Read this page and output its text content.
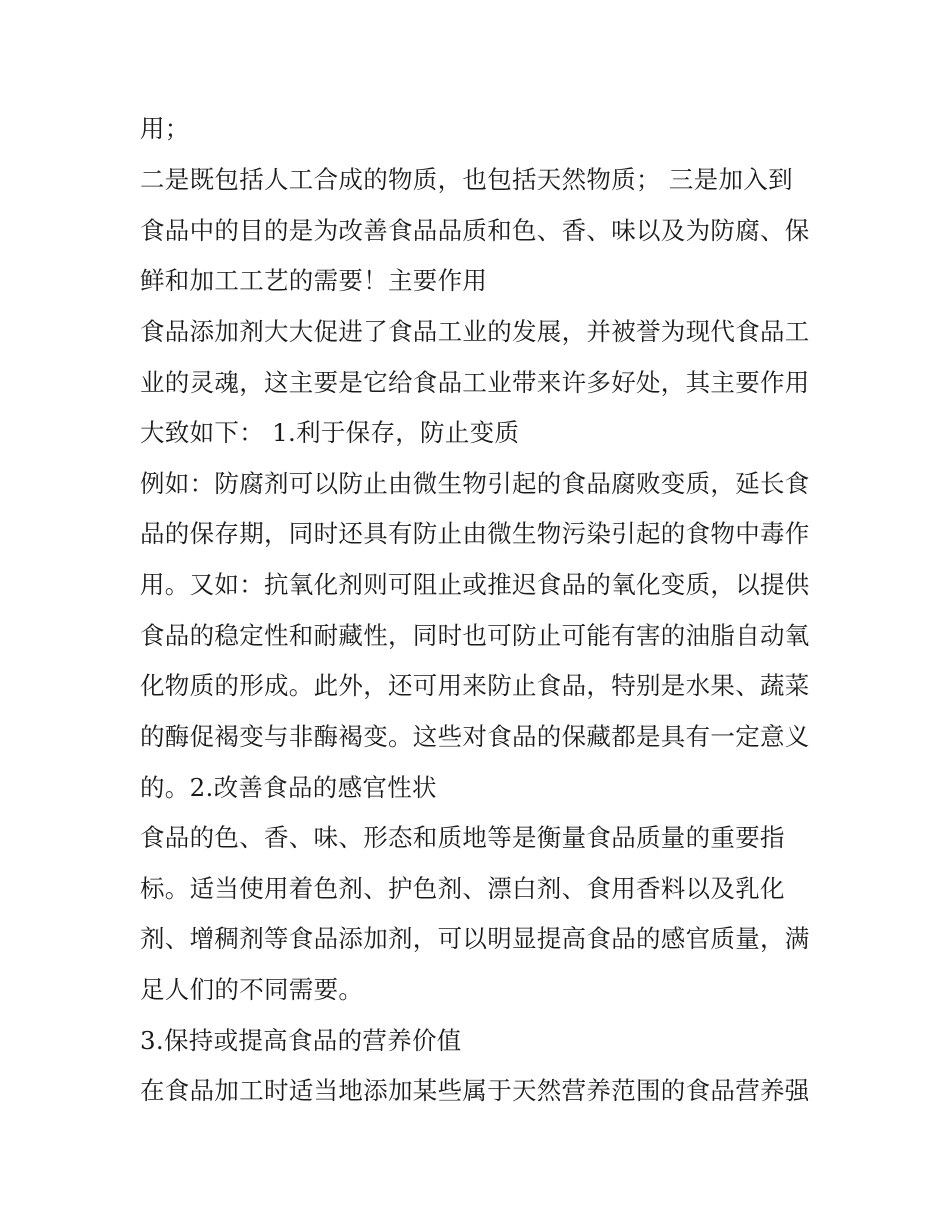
用；

二是既包括人工合成的物质，也包括天然物质； 三是加入到

食品中的目的是为改善食品品质和色、香、味以及为防腐、保

鲜和加工工艺的需要！主要作用

食品添加剂大大促进了食品工业的发展，并被誉为现代食品工

业的灵魂，这主要是它给食品工业带来许多好处，其主要作用

大致如下： 1.利于保存，防止变质

例如：防腐剂可以防止由微生物引起的食品腐败变质，延长食

品的保存期，同时还具有防止由微生物污染引起的食物中毒作

用。又如：抗氧化剂则可阻止或推迟食品的氧化变质，以提供

食品的稳定性和耐藏性，同时也可防止可能有害的油脂自动氧

化物质的形成。此外，还可用来防止食品，特别是水果、蔬菜

的酶促褐变与非酶褐变。这些对食品的保藏都是具有一定意义

的。2.改善食品的感官性状

食品的色、香、味、形态和质地等是衡量食品质量的重要指

标。适当使用着色剂、护色剂、漂白剂、食用香料以及乳化

剂、增稠剂等食品添加剂，可以明显提高食品的感官质量，满

足人们的不同需要。

3.保持或提高食品的营养价值

在食品加工时适当地添加某些属于天然营养范围的食品营养强
